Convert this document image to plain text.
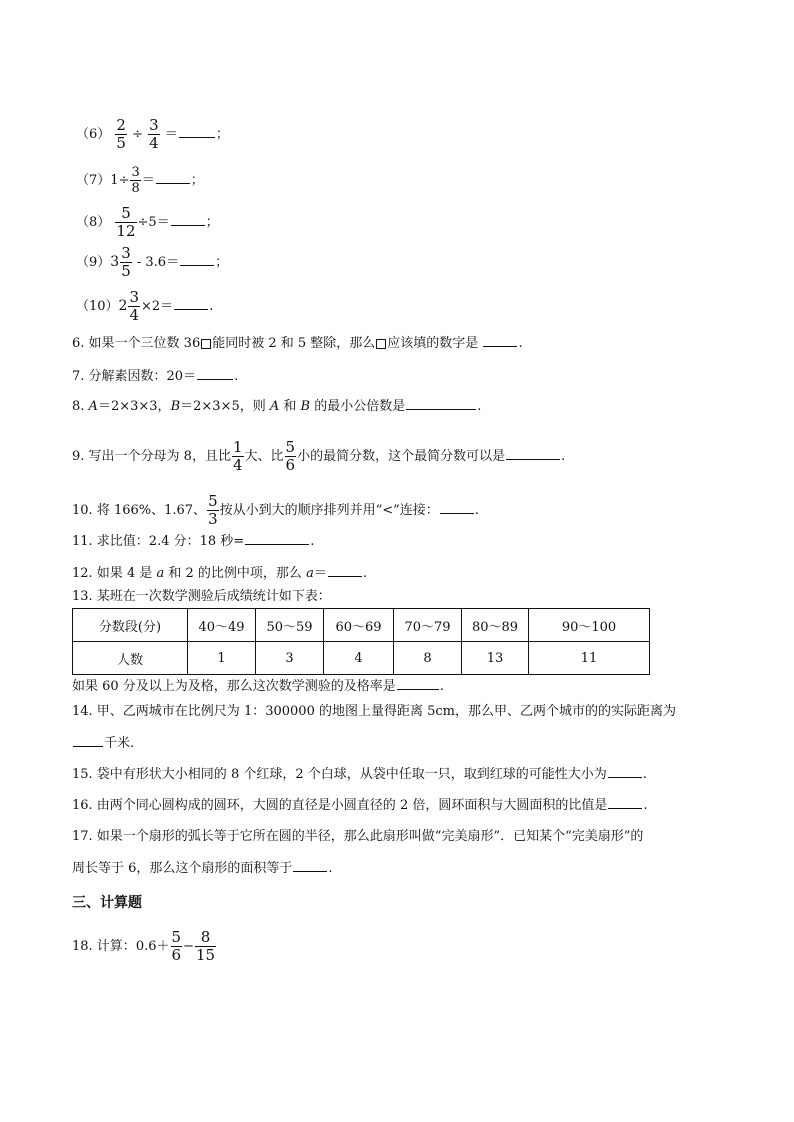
$(6) \frac{2}{5} \div \frac{3}{4}$ ＝	；
$(7)1\div \frac{3}{8}$ ＝	；
$(8) \frac{5}{12} \div 5=$	；
$(9)3 \frac{3}{5} - 3.6=$	；
$(10)2 \frac{3}{4} \times 2=$	.
6. 如果一个三位数 36 能同时被 2 和 5 整除，那么 应该填的数字是	.
7. 分解素因数：20＝	.
8. A＝2×3×3，B＝2×3×5，则 A 和 B 的最小公倍数是	.
9. 写出一个分母为 8，且比 $\frac{1}{4}$ 大、比 $\frac{5}{6}$ 小的最简分数，这个最简分数可以是	.
10. 将 166%、1.67、 $\frac{5}{3}$ 按从小到大的顺序排列并用“<”连接：	.
11. 求比值：2.4 分：18 秒=	.
12. 如果 4 是 a 和 2 的比例中项，那么 a＝	.
13. 某班在一次数学测验后成绩统计如下表：
分数段(分)	40～49	50～59	60～69	70～79	80～89	90～100
人数	1	3	4	8	13	11
如果 60 分及以上为及格，那么这次数学测验的及格率是	.
14. 甲、乙两城市在比例尺为 1：300000 的地图上量得距离 5cm，那么甲、乙两个城市的的实际距离为
千米.
15. 袋中有形状大小相同的 8 个红球，2 个白球，从袋中任取一只，取到红球的可能性大小为	.
16. 由两个同心圆构成的圆环，大圆的直径是小圆直径的 2 倍，圆环面积与大圆面积的比值是	.
17. 如果一个扇形的弧长等于它所在圆的半径，那么此扇形叫做“完美扇形”．已知某个“完美扇形”的
周长等于 6，那么这个扇形的面积等于	.
三、计算题
18. 计算：$0.6+ \frac{5}{6} - \frac{8}{15}$
